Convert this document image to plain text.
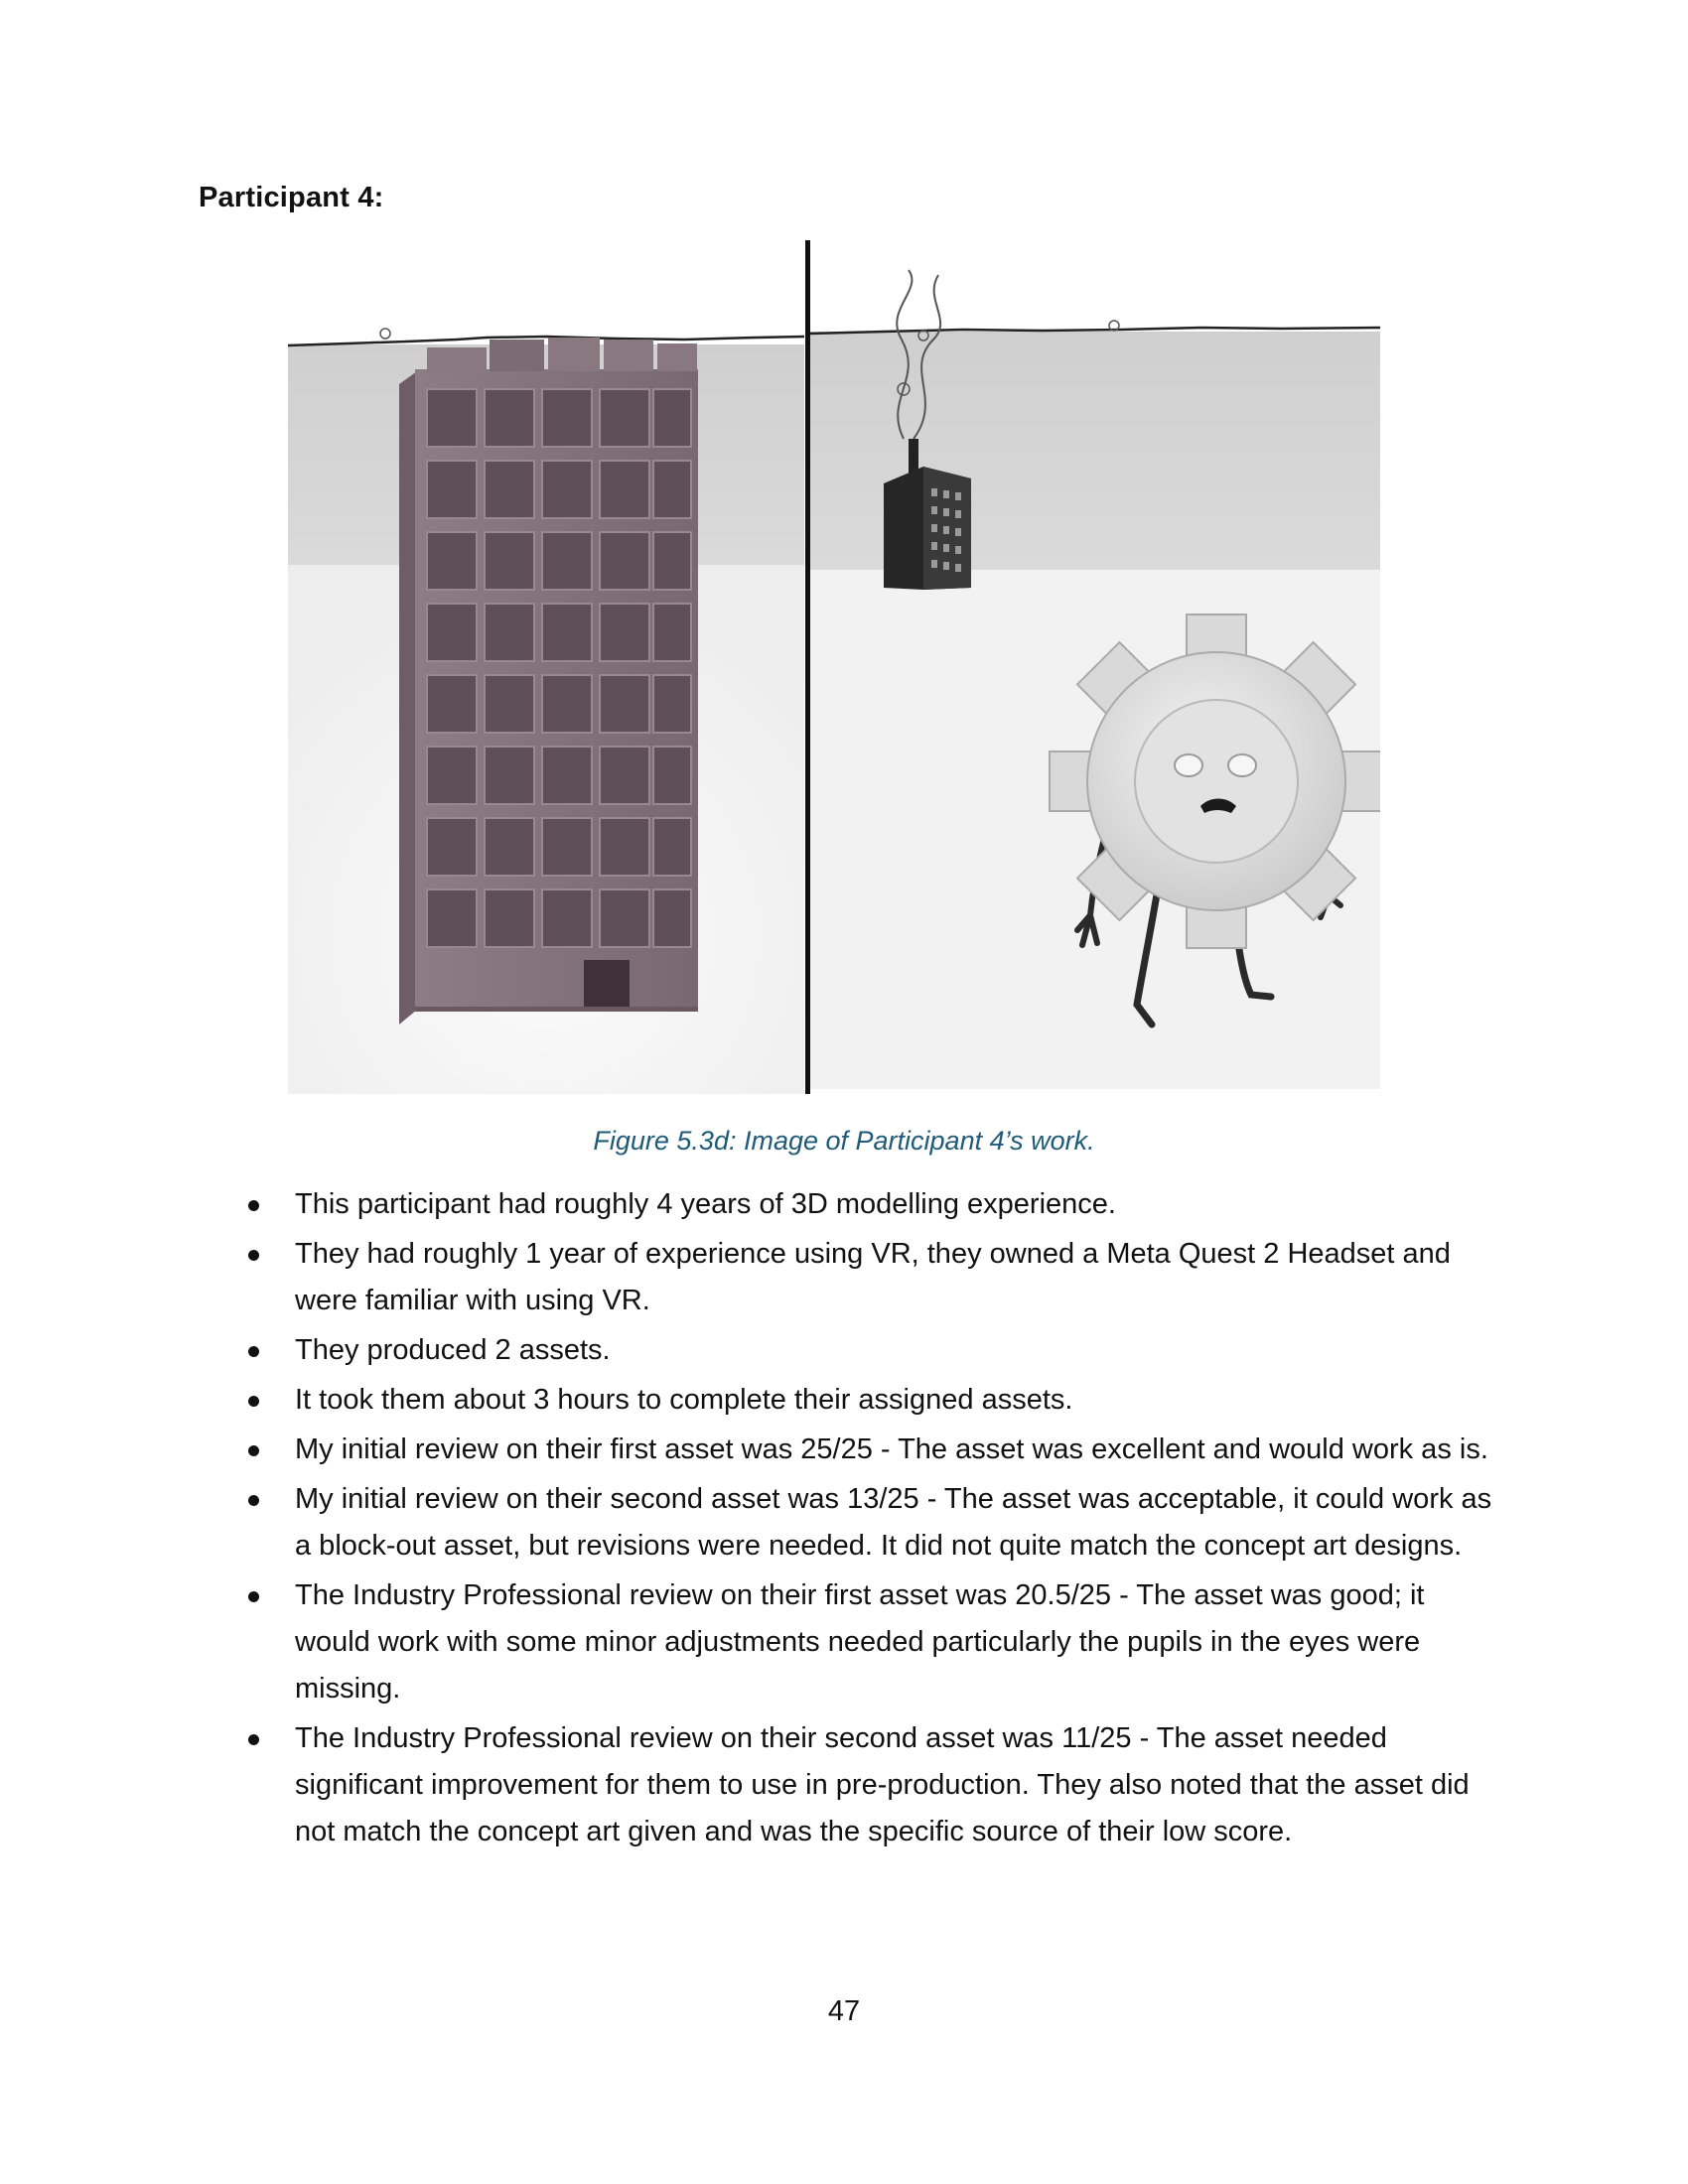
Participant 4:
Figure 5.3d: Image of Participant 4’s work.
This participant had roughly 4 years of 3D modelling experience.
They had roughly 1 year of experience using VR, they owned a Meta Quest 2 Headset and were familiar with using VR.
They produced 2 assets.
It took them about 3 hours to complete their assigned assets.
My initial review on their first asset was 25/25 - The asset was excellent and would work as is.
My initial review on their second asset was 13/25 - The asset was acceptable, it could work as a block-out asset, but revisions were needed. It did not quite match the concept art designs.
The Industry Professional review on their first asset was 20.5/25 - The asset was good; it would work with some minor adjustments needed particularly the pupils in the eyes were missing.
The Industry Professional review on their second asset was 11/25 - The asset needed significant improvement for them to use in pre-production. They also noted that the asset did not match the concept art given and was the specific source of their low score.
47
